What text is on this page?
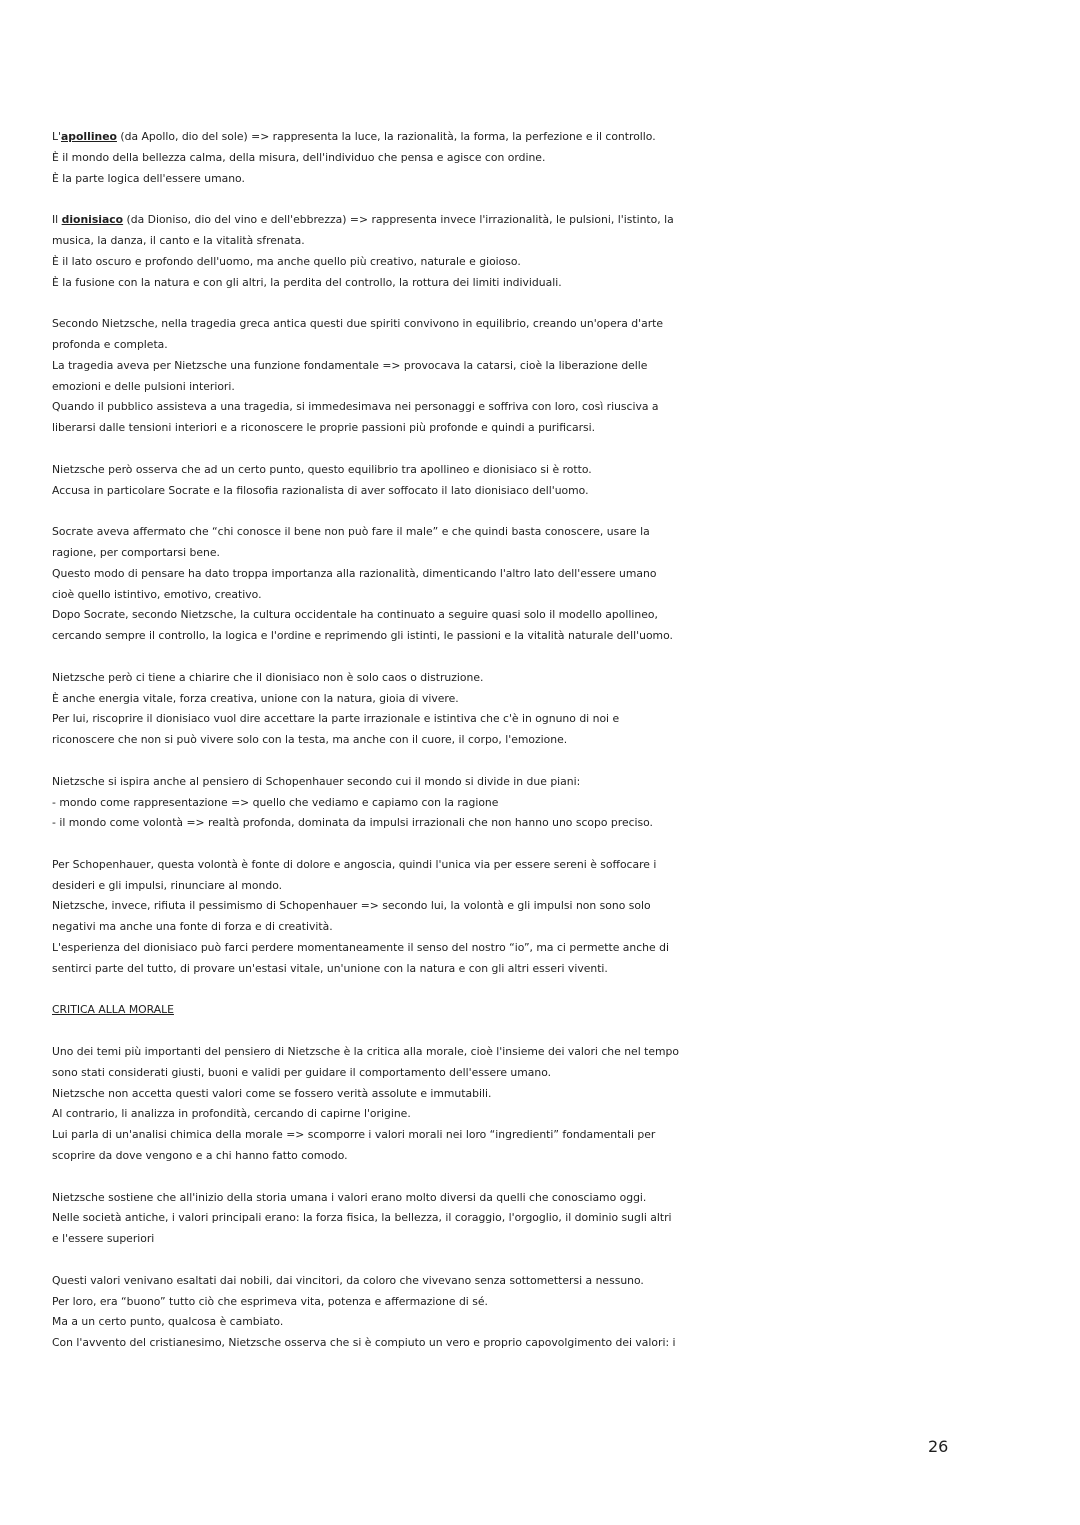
L'apollineo (da Apollo, dio del sole) => rappresenta la luce, la razionalità, la forma, la perfezione e il controllo.
È il mondo della bellezza calma, della misura, dell'individuo che pensa e agisce con ordine.
È la parte logica dell'essere umano.
Il dionisiaco (da Dioniso, dio del vino e dell'ebbrezza) => rappresenta invece l'irrazionalità, le pulsioni, l'istinto, la
musica, la danza, il canto e la vitalità sfrenata.
È il lato oscuro e profondo dell'uomo, ma anche quello più creativo, naturale e gioioso.
È la fusione con la natura e con gli altri, la perdita del controllo, la rottura dei limiti individuali.
Secondo Nietzsche, nella tragedia greca antica questi due spiriti convivono in equilibrio, creando un'opera d'arte
profonda e completa.
La tragedia aveva per Nietzsche una funzione fondamentale => provocava la catarsi, cioè la liberazione delle
emozioni e delle pulsioni interiori.
Quando il pubblico assisteva a una tragedia, si immedesimava nei personaggi e soffriva con loro, così riusciva a
liberarsi dalle tensioni interiori e a riconoscere le proprie passioni più profonde e quindi a purificarsi.
Nietzsche però osserva che ad un certo punto, questo equilibrio tra apollineo e dionisiaco si è rotto.
Accusa in particolare Socrate e la filosofia razionalista di aver soffocato il lato dionisiaco dell'uomo.
Socrate aveva affermato che “chi conosce il bene non può fare il male” e che quindi basta conoscere, usare la
ragione, per comportarsi bene.
Questo modo di pensare ha dato troppa importanza alla razionalità, dimenticando l'altro lato dell'essere umano
cioè quello istintivo, emotivo, creativo.
Dopo Socrate, secondo Nietzsche, la cultura occidentale ha continuato a seguire quasi solo il modello apollineo,
cercando sempre il controllo, la logica e l'ordine e reprimendo gli istinti, le passioni e la vitalità naturale dell'uomo.
Nietzsche però ci tiene a chiarire che il dionisiaco non è solo caos o distruzione.
È anche energia vitale, forza creativa, unione con la natura, gioia di vivere.
Per lui, riscoprire il dionisiaco vuol dire accettare la parte irrazionale e istintiva che c'è in ognuno di noi e
riconoscere che non si può vivere solo con la testa, ma anche con il cuore, il corpo, l'emozione.
Nietzsche si ispira anche al pensiero di Schopenhauer secondo cui il mondo si divide in due piani:
- mondo come rappresentazione => quello che vediamo e capiamo con la ragione
- il mondo come volontà => realtà profonda, dominata da impulsi irrazionali che non hanno uno scopo preciso.
Per Schopenhauer, questa volontà è fonte di dolore e angoscia, quindi l'unica via per essere sereni è soffocare i
desideri e gli impulsi, rinunciare al mondo.
Nietzsche, invece, rifiuta il pessimismo di Schopenhauer => secondo lui, la volontà e gli impulsi non sono solo
negativi ma anche una fonte di forza e di creatività.
L'esperienza del dionisiaco può farci perdere momentaneamente il senso del nostro “io”, ma ci permette anche di
sentirci parte del tutto, di provare un'estasi vitale, un'unione con la natura e con gli altri esseri viventi.
CRITICA ALLA MORALE
Uno dei temi più importanti del pensiero di Nietzsche è la critica alla morale, cioè l'insieme dei valori che nel tempo
sono stati considerati giusti, buoni e validi per guidare il comportamento dell'essere umano.
Nietzsche non accetta questi valori come se fossero verità assolute e immutabili.
Al contrario, li analizza in profondità, cercando di capirne l'origine.
Lui parla di un'analisi chimica della morale => scomporre i valori morali nei loro “ingredienti” fondamentali per
scoprire da dove vengono e a chi hanno fatto comodo.
Nietzsche sostiene che all'inizio della storia umana i valori erano molto diversi da quelli che conosciamo oggi.
Nelle società antiche, i valori principali erano: la forza fisica, la bellezza, il coraggio, l'orgoglio, il dominio sugli altri
e l'essere superiori
Questi valori venivano esaltati dai nobili, dai vincitori, da coloro che vivevano senza sottomettersi a nessuno.
Per loro, era “buono” tutto ciò che esprimeva vita, potenza e affermazione di sé.
Ma a un certo punto, qualcosa è cambiato.
Con l'avvento del cristianesimo, Nietzsche osserva che si è compiuto un vero e proprio capovolgimento dei valori: i
26
